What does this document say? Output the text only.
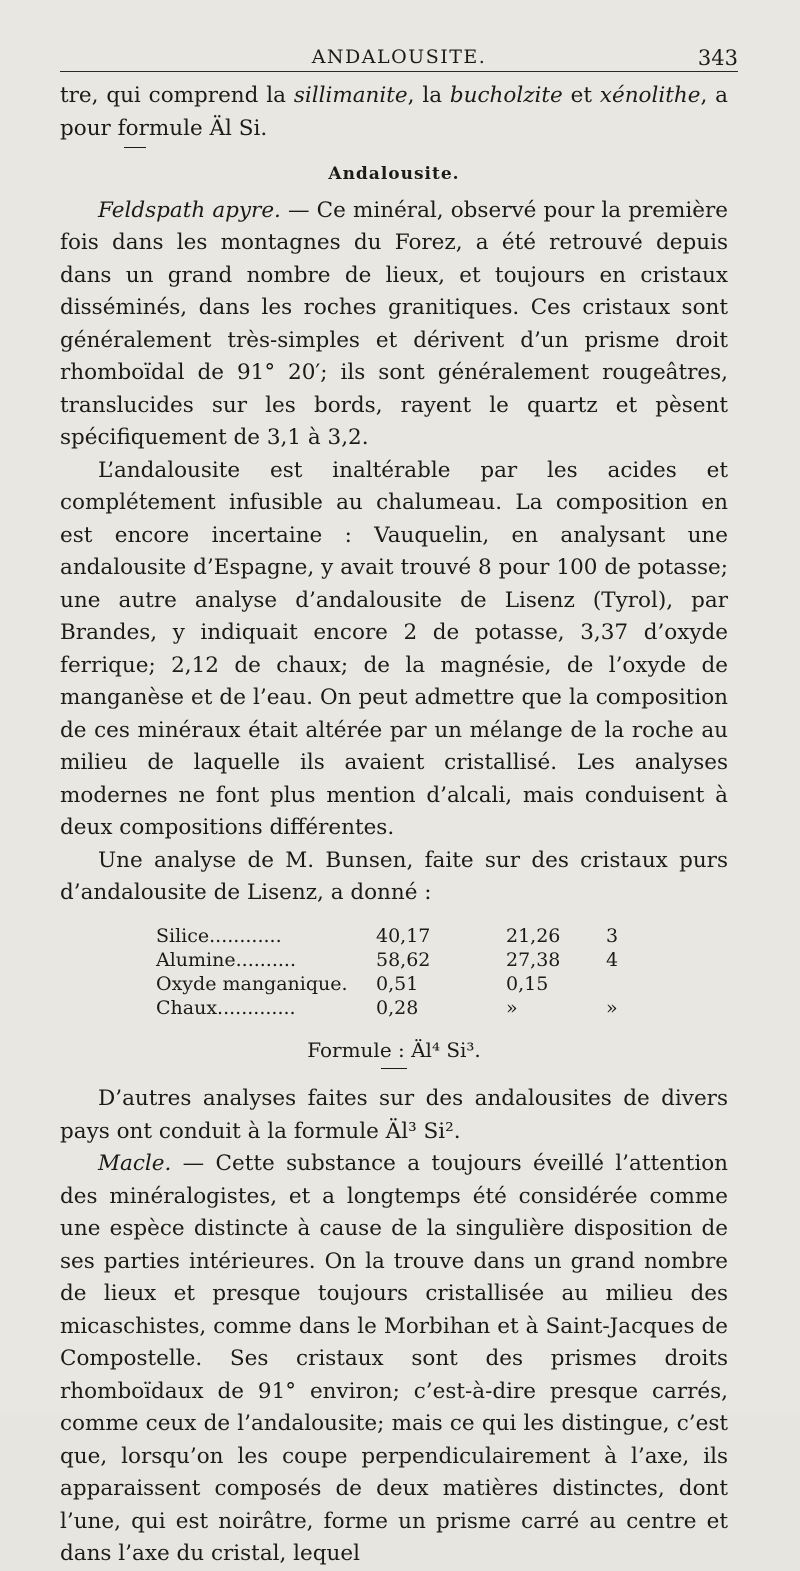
ANDALOUSITE.	343

tre, qui comprend la sillimanite, la bucholzite et xénolithe, a pour formule Äl Si.

Andalousite.

Feldspath apyre. — Ce minéral, observé pour la première fois dans les montagnes du Forez, a été retrouvé depuis dans un grand nombre de lieux, et toujours en cristaux disséminés, dans les roches granitiques. Ces cristaux sont généralement très-simples et dérivent d’un prisme droit rhomboïdal de 91° 20′; ils sont généralement rougeâtres, translucides sur les bords, rayent le quartz et pèsent spécifiquement de 3,1 à 3,2.

L’andalousite est inaltérable par les acides et complétement infusible au chalumeau. La composition en est encore incertaine : Vauquelin, en analysant une andalousite d’Espagne, y avait trouvé 8 pour 100 de potasse; une autre analyse d’andalousite de Lisenz (Tyrol), par Brandes, y indiquait encore 2 de potasse, 3,37 d’oxyde ferrique; 2,12 de chaux; de la magnésie, de l’oxyde de manganèse et de l’eau. On peut admettre que la composition de ces minéraux était altérée par un mélange de la roche au milieu de laquelle ils avaient cristallisé. Les analyses modernes ne font plus mention d’alcali, mais conduisent à deux compositions différentes.

Une analyse de M. Bunsen, faite sur des cristaux purs d’andalousite de Lisenz, a donné :

Silice............	40,17	21,26	3
Alumine..........	58,62	27,38	4
Oxyde manganique.	0,51	0,15
Chaux.............	0,28	»	»
Formule : Äl⁴ Si³.

D’autres analyses faites sur des andalousites de divers pays ont conduit à la formule Äl³ Si².

Macle. — Cette substance a toujours éveillé l’attention des minéralogistes, et a longtemps été considérée comme une espèce distincte à cause de la singulière disposition de ses parties intérieures. On la trouve dans un grand nombre de lieux et presque toujours cristallisée au milieu des micaschistes, comme dans le Morbihan et à Saint-Jacques de Compostelle. Ses cristaux sont des prismes droits rhomboïdaux de 91° environ; c’est-à-dire presque carrés, comme ceux de l’andalousite; mais ce qui les distingue, c’est que, lorsqu’on les coupe perpendiculairement à l’axe, ils apparaissent composés de deux matières distinctes, dont l’une, qui est noirâtre, forme un prisme carré au centre et dans l’axe du cristal, lequel
